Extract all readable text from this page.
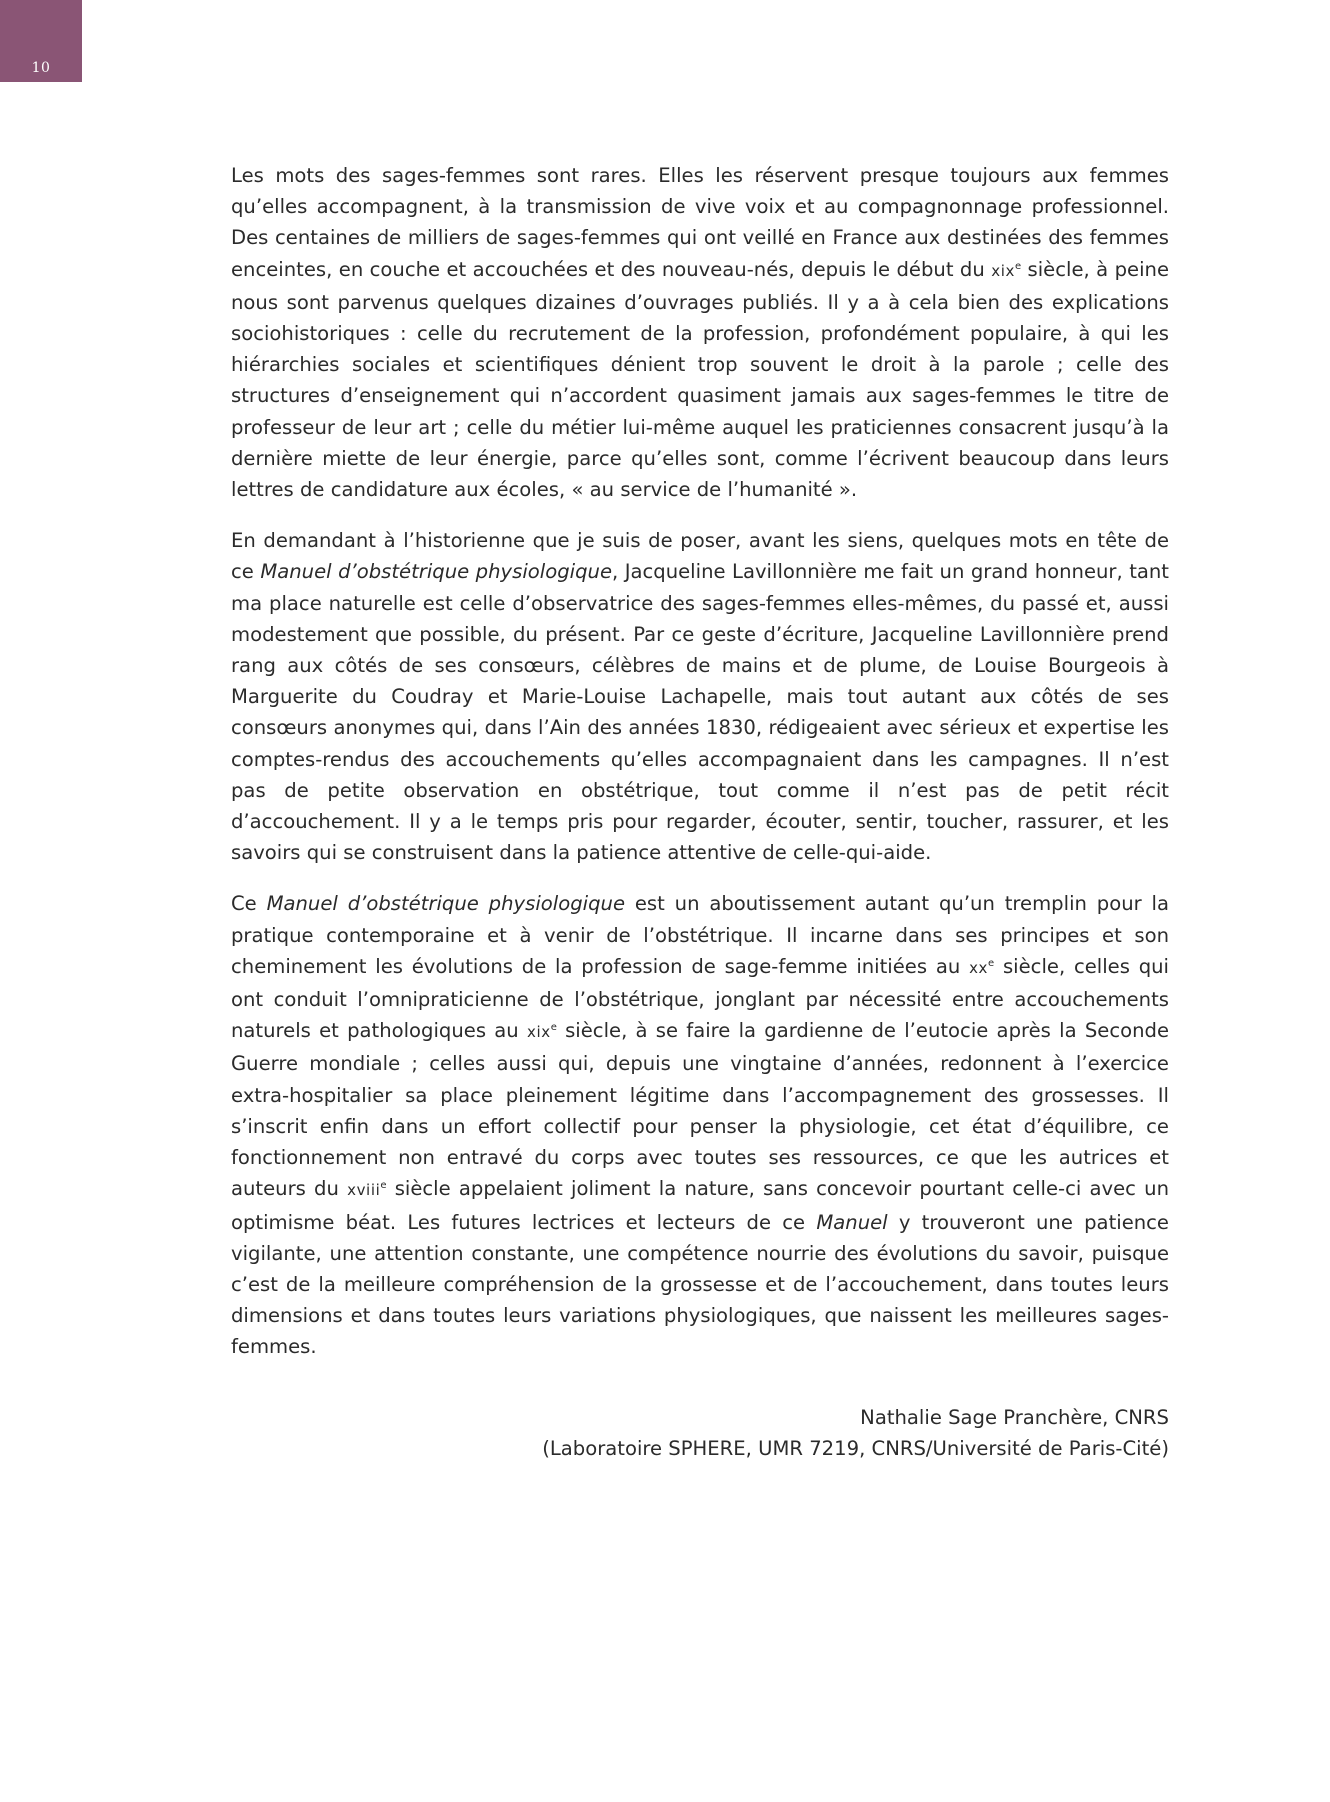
10

Les mots des sages-femmes sont rares. Elles les réservent presque toujours aux femmes qu’elles accompagnent, à la transmission de vive voix et au compagnonnage professionnel. Des centaines de milliers de sages-femmes qui ont veillé en France aux destinées des femmes enceintes, en couche et accouchées et des nouveau-nés, depuis le début du xix$^e$ siècle, à peine nous sont parvenus quelques dizaines d’ouvrages publiés. Il y a à cela bien des explications sociohistoriques : celle du recrutement de la profession, profondément populaire, à qui les hiérarchies sociales et scientifiques dénient trop souvent le droit à la parole ; celle des structures d’enseignement qui n’accordent quasiment jamais aux sages-femmes le titre de professeur de leur art ; celle du métier lui-même auquel les praticiennes consacrent jusqu’à la dernière miette de leur énergie, parce qu’elles sont, comme l’écrivent beaucoup dans leurs lettres de candidature aux écoles, « au service de l’humanité ».

En demandant à l’historienne que je suis de poser, avant les siens, quelques mots en tête de ce Manuel d’obstétrique physiologique, Jacqueline Lavillonnière me fait un grand honneur, tant ma place naturelle est celle d’observatrice des sages-femmes elles-mêmes, du passé et, aussi modestement que possible, du présent. Par ce geste d’écriture, Jacqueline Lavillonnière prend rang aux côtés de ses consœurs, célèbres de mains et de plume, de Louise Bourgeois à Marguerite du Coudray et Marie-Louise Lachapelle, mais tout autant aux côtés de ses consœurs anonymes qui, dans l’Ain des années 1830, rédigeaient avec sérieux et expertise les comptes-rendus des accouchements qu’elles accompagnaient dans les campagnes. Il n’est pas de petite observation en obstétrique, tout comme il n’est pas de petit récit d’accouchement. Il y a le temps pris pour regarder, écouter, sentir, toucher, rassurer, et les savoirs qui se construisent dans la patience attentive de celle-qui-aide.

Ce Manuel d’obstétrique physiologique est un aboutissement autant qu’un tremplin pour la pratique contemporaine et à venir de l’obstétrique. Il incarne dans ses principes et son cheminement les évolutions de la profession de sage-femme initiées au $xx^e$ siècle, celles qui ont conduit l’omnipraticienne de l’obstétrique, jonglant par nécessité entre accouchements naturels et pathologiques au xix$^e$ siècle, à se faire la gardienne de l’eutocie après la Seconde Guerre mondiale ; celles aussi qui, depuis une vingtaine d’années, redonnent à l’exercice extra-hospitalier sa place pleinement légitime dans l’accompagnement des grossesses. Il s’inscrit enfin dans un effort collectif pour penser la physiologie, cet état d’équilibre, ce fonctionnement non entravé du corps avec toutes ses ressources, ce que les autrices et auteurs du xviii$^e$ siècle appelaient joliment la nature, sans concevoir pourtant celle-ci avec un optimisme béat. Les futures lectrices et lecteurs de ce Manuel y trouveront une patience vigilante, une attention constante, une compétence nourrie des évolutions du savoir, puisque c’est de la meilleure compréhension de la grossesse et de l’accouchement, dans toutes leurs dimensions et dans toutes leurs variations physiologiques, que naissent les meilleures sages-femmes.

Nathalie Sage Pranchère, CNRS
(Laboratoire SPHERE, UMR 7219, CNRS/Université de Paris-Cité)
